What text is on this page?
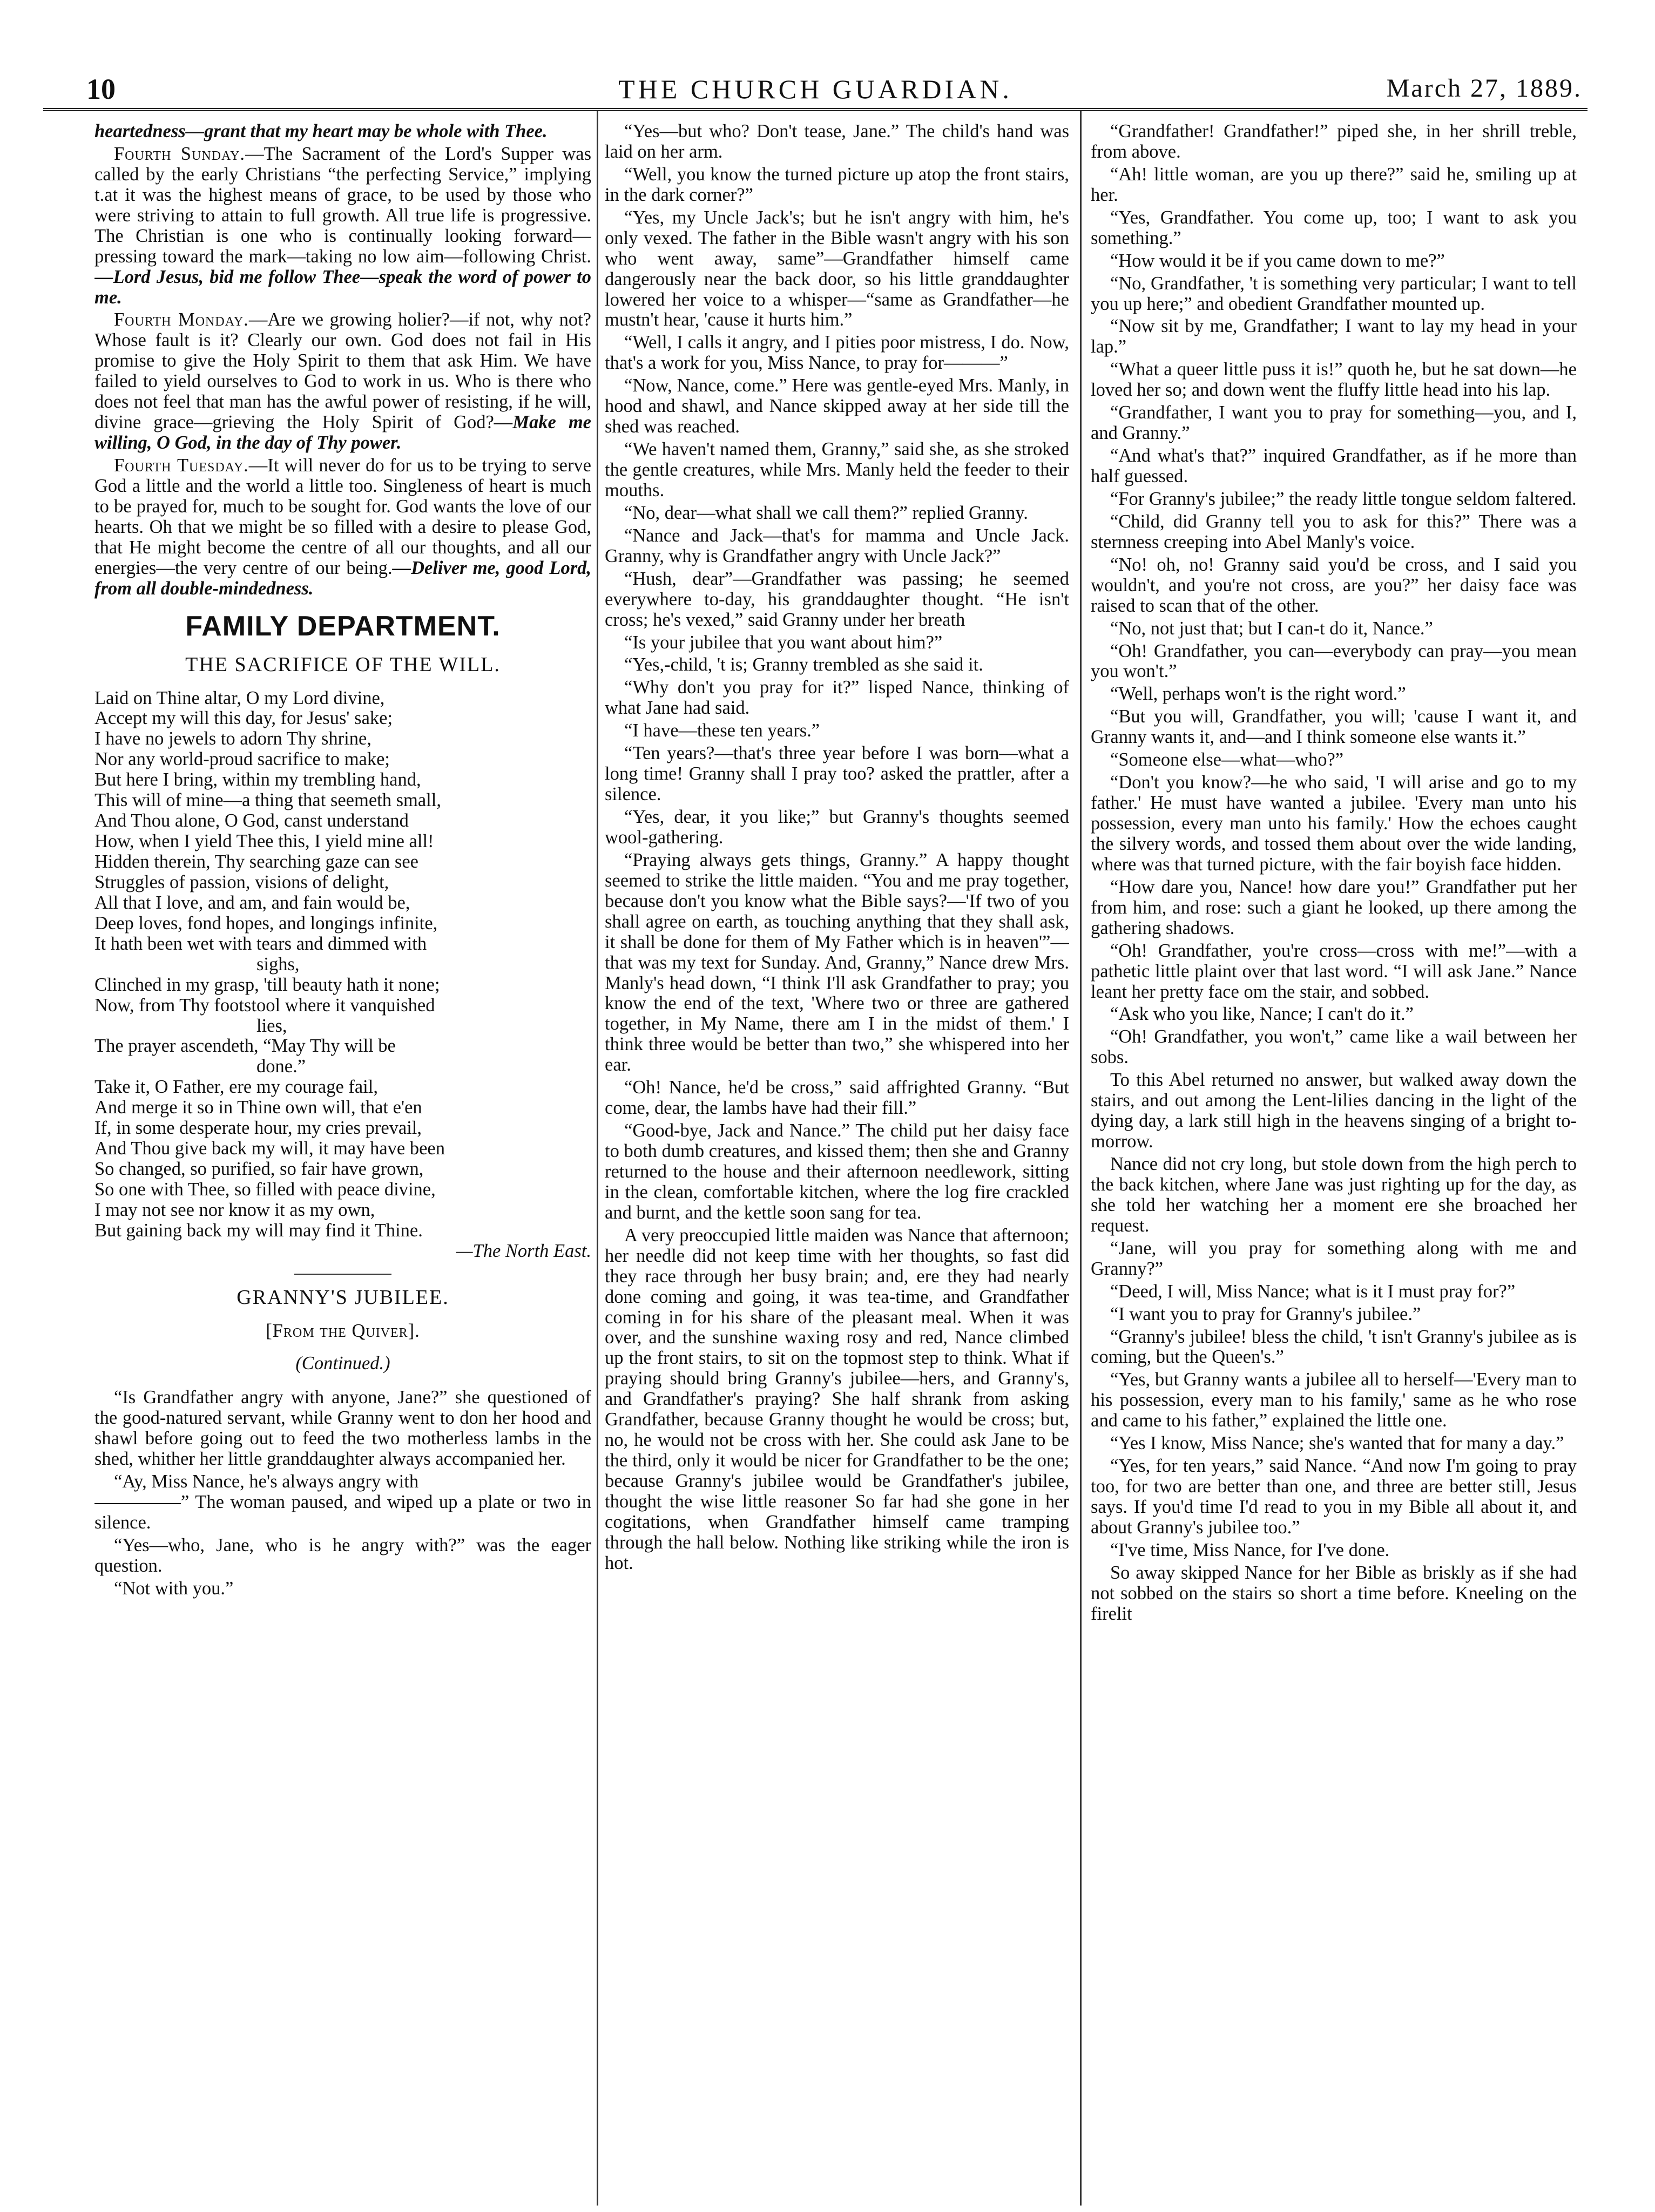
10	THE CHURCH GUARDIAN.	March 27, 1889.

heartedness—grant that my heart may be whole with Thee.

Fourth Sunday.—The Sacrament of the Lord's Supper was called by the early Christians “the perfecting Service,” implying t.at it was the highest means of grace, to be used by those who were striving to attain to full growth. All true life is progressive. The Christian is one who is continually looking forward—pressing toward the mark—taking no low aim—following Christ.—Lord Jesus, bid me follow Thee—speak the word of power to me.

Fourth Monday.—Are we growing holier?—if not, why not? Whose fault is it? Clearly our own. God does not fail in His promise to give the Holy Spirit to them that ask Him. We have failed to yield ourselves to God to work in us. Who is there who does not feel that man has the awful power of resisting, if he will, divine grace—grieving the Holy Spirit of God?—Make me willing, O God, in the day of Thy power.

Fourth Tuesday.—It will never do for us to be trying to serve God a little and the world a little too. Singleness of heart is much to be prayed for, much to be sought for. God wants the love of our hearts. Oh that we might be so filled with a desire to please God, that He might become the centre of all our thoughts, and all our energies—the very centre of our being.—Deliver me, good Lord, from all double-mindedness.

FAMILY DEPARTMENT.
THE SACRIFICE OF THE WILL.
Laid on Thine altar, O my Lord divine,
Accept my will this day, for Jesus' sake;
I have no jewels to adorn Thy shrine,
Nor any world-proud sacrifice to make;
But here I bring, within my trembling hand,
This will of mine—a thing that seemeth small,
And Thou alone, O God, canst understand
How, when I yield Thee this, I yield mine all!
Hidden therein, Thy searching gaze can see
Struggles of passion, visions of delight,
All that I love, and am, and fain would be,
Deep loves, fond hopes, and longings infinite,
It hath been wet with tears and dimmed with
sighs,
Clinched in my grasp, 'till beauty hath it none;
Now, from Thy footstool where it vanquished
lies,
The prayer ascendeth, “May Thy will be
done.”
Take it, O Father, ere my courage fail,
And merge it so in Thine own will, that e'en
If, in some desperate hour, my cries prevail,
And Thou give back my will, it may have been
So changed, so purified, so fair have grown,
So one with Thee, so filled with peace divine,
I may not see nor know it as my own,
But gaining back my will may find it Thine.
—The North East.
GRANNY'S JUBILEE.
[From the Quiver].
(Continued.)

“Is Grandfather angry with anyone, Jane?” she questioned of the good-natured servant, while Granny went to don her hood and shawl before going out to feed the two motherless lambs in the shed, whither her little granddaughter always accompanied her.

“Ay, Miss Nance, he's always angry with
” The woman paused, and wiped up a plate or two in silence.

“Yes—who, Jane, who is he angry with?” was the eager question.

“Not with you.”

“Yes—but who? Don't tease, Jane.” The child's hand was laid on her arm.

“Well, you know the turned picture up atop the front stairs, in the dark corner?”

“Yes, my Uncle Jack's; but he isn't angry with him, he's only vexed. The father in the Bible wasn't angry with his son who went away, same”—Grandfather himself came dangerously near the back door, so his little granddaughter lowered her voice to a whisper—“same as Grandfather—he mustn't hear, 'cause it hurts him.”

“Well, I calls it angry, and I pities poor mistress, I do. Now, that's a work for you, Miss Nance, to pray for———”

“Now, Nance, come.” Here was gentle-eyed Mrs. Manly, in hood and shawl, and Nance skipped away at her side till the shed was reached.

“We haven't named them, Granny,” said she, as she stroked the gentle creatures, while Mrs. Manly held the feeder to their mouths.

“No, dear—what shall we call them?” replied Granny.

“Nance and Jack—that's for mamma and Uncle Jack. Granny, why is Grandfather angry with Uncle Jack?”

“Hush, dear”—Grandfather was passing; he seemed everywhere to-day, his granddaughter thought. “He isn't cross; he's vexed,” said Granny under her breath

“Is your jubilee that you want about him?”

“Yes,-child, 't is; Granny trembled as she said it.

“Why don't you pray for it?” lisped Nance, thinking of what Jane had said.

“I have—these ten years.”

“Ten years?—that's three year before I was born—what a long time! Granny shall I pray too? asked the prattler, after a silence.

“Yes, dear, it you like;” but Granny's thoughts seemed wool-gathering.

“Praying always gets things, Granny.” A happy thought seemed to strike the little maiden. “You and me pray together, because don't you know what the Bible says?—'If two of you shall agree on earth, as touching anything that they shall ask, it shall be done for them of My Father which is in heaven'”—that was my text for Sunday. And, Granny,” Nance drew Mrs. Manly's head down, “I think I'll ask Grandfather to pray; you know the end of the text, 'Where two or three are gathered together, in My Name, there am I in the midst of them.' I think three would be better than two,” she whispered into her ear.

“Oh! Nance, he'd be cross,” said affrighted Granny. “But come, dear, the lambs have had their fill.”

“Good-bye, Jack and Nance.” The child put her daisy face to both dumb creatures, and kissed them; then she and Granny returned to the house and their afternoon needlework, sitting in the clean, comfortable kitchen, where the log fire crackled and burnt, and the kettle soon sang for tea.

A very preoccupied little maiden was Nance that afternoon; her needle did not keep time with her thoughts, so fast did they race through her busy brain; and, ere they had nearly done coming and going, it was tea-time, and Grandfather coming in for his share of the pleasant meal. When it was over, and the sunshine waxing rosy and red, Nance climbed up the front stairs, to sit on the topmost step to think. What if praying should bring Granny's jubilee—hers, and Granny's, and Grandfather's praying? She half shrank from asking Grandfather, because Granny thought he would be cross; but, no, he would not be cross with her. She could ask Jane to be the third, only it would be nicer for Grandfather to be the one; because Granny's jubilee would be Grandfather's jubilee, thought the wise little reasoner So far had she gone in her cogitations, when Grandfather himself came tramping through the hall below. Nothing like striking while the iron is hot.

“Grandfather! Grandfather!” piped she, in her shrill treble, from above.

“Ah! little woman, are you up there?” said he, smiling up at her.

“Yes, Grandfather. You come up, too; I want to ask you something.”

“How would it be if you came down to me?”

“No, Grandfather, 't is something very particular; I want to tell you up here;” and obedient Grandfather mounted up.

“Now sit by me, Grandfather; I want to lay my head in your lap.”

“What a queer little puss it is!” quoth he, but he sat down—he loved her so; and down went the fluffy little head into his lap.

“Grandfather, I want you to pray for something—you, and I, and Granny.”

“And what's that?” inquired Grandfather, as if he more than half guessed.

“For Granny's jubilee;” the ready little tongue seldom faltered.

“Child, did Granny tell you to ask for this?” There was a sternness creeping into Abel Manly's voice.

“No! oh, no! Granny said you'd be cross, and I said you wouldn't, and you're not cross, are you?” her daisy face was raised to scan that of the other.

“No, not just that; but I can-t do it, Nance.”

“Oh! Grandfather, you can—everybody can pray—you mean you won't.”

“Well, perhaps won't is the right word.”

“But you will, Grandfather, you will; 'cause I want it, and Granny wants it, and—and I think someone else wants it.”

“Someone else—what—who?”

“Don't you know?—he who said, 'I will arise and go to my father.' He must have wanted a jubilee. 'Every man unto his possession, every man unto his family.' How the echoes caught the silvery words, and tossed them about over the wide landing, where was that turned picture, with the fair boyish face hidden.

“How dare you, Nance! how dare you!” Grandfather put her from him, and rose: such a giant he looked, up there among the gathering shadows.

“Oh! Grandfather, you're cross—cross with me!”—with a pathetic little plaint over that last word. “I will ask Jane.” Nance leant her pretty face om the stair, and sobbed.

“Ask who you like, Nance; I can't do it.”

“Oh! Grandfather, you won't,” came like a wail between her sobs.

To this Abel returned no answer, but walked away down the stairs, and out among the Lent-lilies dancing in the light of the dying day, a lark still high in the heavens singing of a bright to-morrow.

Nance did not cry long, but stole down from the high perch to the back kitchen, where Jane was just righting up for the day, as she told her watching her a moment ere she broached her request.

“Jane, will you pray for something along with me and Granny?”

“Deed, I will, Miss Nance; what is it I must pray for?”

“I want you to pray for Granny's jubilee.”

“Granny's jubilee! bless the child, 't isn't Granny's jubilee as is coming, but the Queen's.”

“Yes, but Granny wants a jubilee all to herself—'Every man to his possession, every man to his family,' same as he who rose and came to his father,” explained the little one.

“Yes I know, Miss Nance; she's wanted that for many a day.”

“Yes, for ten years,” said Nance. “And now I'm going to pray too, for two are better than one, and three are better still, Jesus says. If you'd time I'd read to you in my Bible all about it, and about Granny's jubilee too.”

“I've time, Miss Nance, for I've done.

So away skipped Nance for her Bible as briskly as if she had not sobbed on the stairs so short a time before. Kneeling on the firelit
